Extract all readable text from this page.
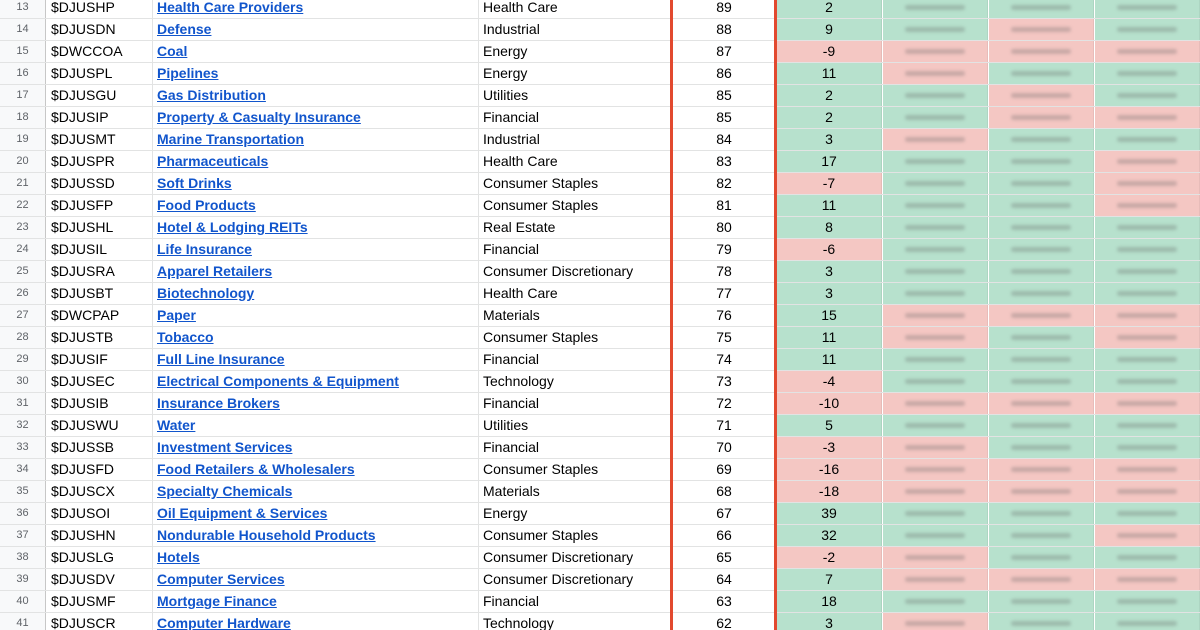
13	$DJUSHP	Health Care Providers	Health Care	89	2
14	$DJUSDN	Defense	Industrial	88	9
15	$DWCCOA	Coal	Energy	87	-9
16	$DJUSPL	Pipelines	Energy	86	11
17	$DJUSGU	Gas Distribution	Utilities	85	2
18	$DJUSIP	Property & Casualty Insurance	Financial	85	2
19	$DJUSMT	Marine Transportation	Industrial	84	3
20	$DJUSPR	Pharmaceuticals	Health Care	83	17
21	$DJUSSD	Soft Drinks	Consumer Staples	82	-7
22	$DJUSFP	Food Products	Consumer Staples	81	11
23	$DJUSHL	Hotel & Lodging REITs	Real Estate	80	8
24	$DJUSIL	Life Insurance	Financial	79	-6
25	$DJUSRA	Apparel Retailers	Consumer Discretionary	78	3
26	$DJUSBT	Biotechnology	Health Care	77	3
27	$DWCPAP	Paper	Materials	76	15
28	$DJUSTB	Tobacco	Consumer Staples	75	11
29	$DJUSIF	Full Line Insurance	Financial	74	11
30	$DJUSEC	Electrical Components & Equipment	Technology	73	-4
31	$DJUSIB	Insurance Brokers	Financial	72	-10
32	$DJUSWU	Water	Utilities	71	5
33	$DJUSSB	Investment Services	Financial	70	-3
34	$DJUSFD	Food Retailers & Wholesalers	Consumer Staples	69	-16
35	$DJUSCX	Specialty Chemicals	Materials	68	-18
36	$DJUSOI	Oil Equipment & Services	Energy	67	39
37	$DJUSHN	Nondurable Household Products	Consumer Staples	66	32
38	$DJUSLG	Hotels	Consumer Discretionary	65	-2
39	$DJUSDV	Computer Services	Consumer Discretionary	64	7
40	$DJUSMF	Mortgage Finance	Financial	63	18
41	$DJUSCR	Computer Hardware	Technology	62	3
